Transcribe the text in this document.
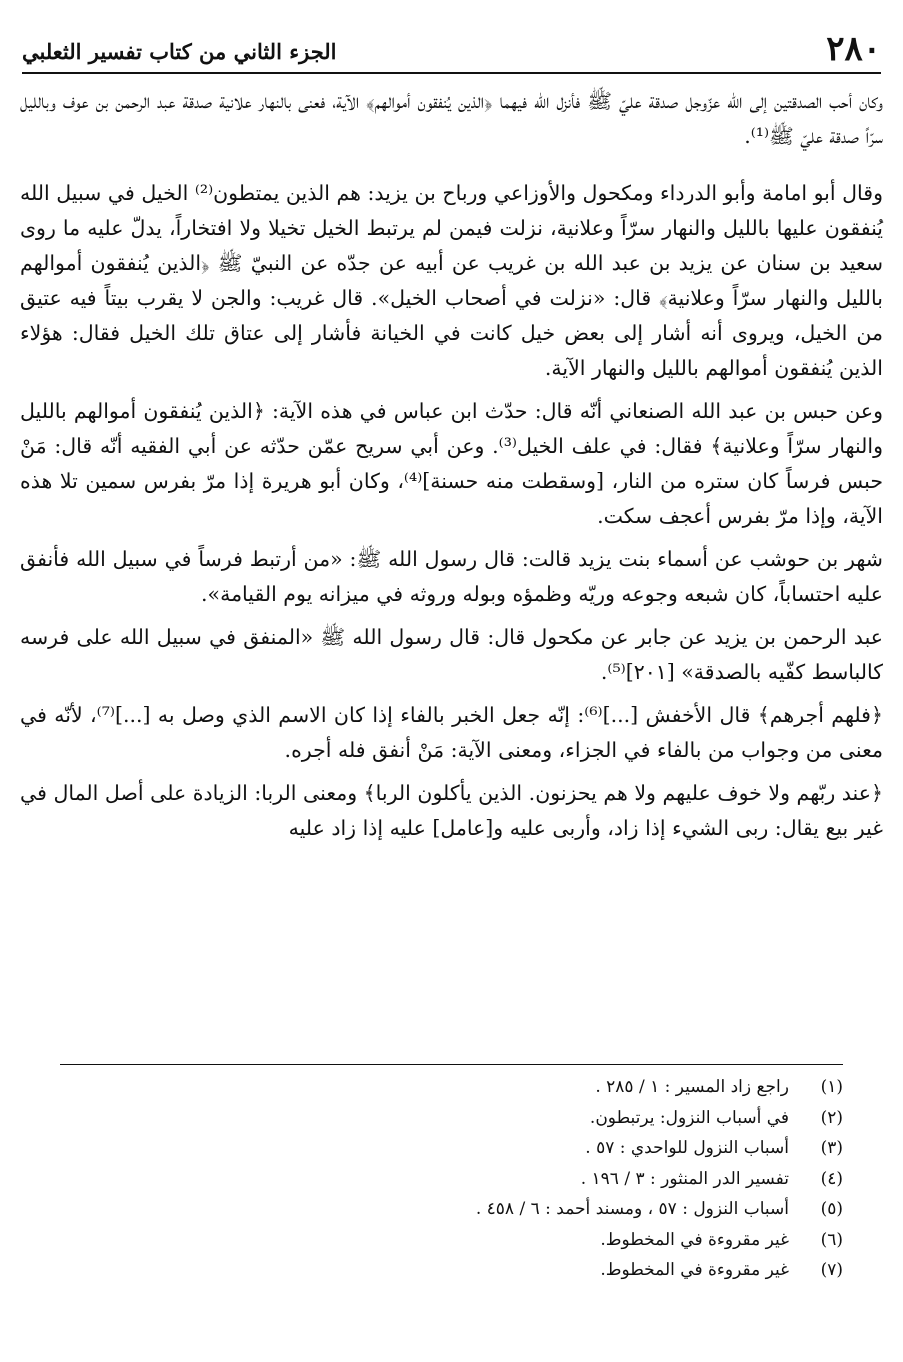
٢٨٠
الجزء الثاني من كتاب تفسير الثعلبي

وكان أحب الصدقتين إلى الله عزّوجل صدقة عليّ ﷺ فأنزل الله فيهما ﴿الذين يُنفقون أموالهم﴾ الآية، فعنى بالنهار علانية صدقة عبد الرحمن بن عوف وبالليل سرّاً صدقة عليّ ﷺ⁽¹⁾.

وقال أبو امامة وأبو الدرداء ومكحول والأوزاعي ورباح بن يزيد: هم الذين يمتطون⁽²⁾ الخيل في سبيل الله يُنفقون عليها بالليل والنهار سرّاً وعلانية، نزلت فيمن لم يرتبط الخيل تخيلا ولا افتخاراً، يدلّ عليه ما روى سعيد بن سنان عن يزيد بن عبد الله بن غريب عن أبيه عن جدّه عن النبيّ ﷺ ﴿الذين يُنفقون أموالهم بالليل والنهار سرّاً وعلانية﴾ قال: «نزلت في أصحاب الخيل». قال غريب: والجن لا يقرب بيتاً فيه عتيق من الخيل، ويروى أنه أشار إلى بعض خيل كانت في الخيانة فأشار إلى عتاق تلك الخيل فقال: هؤلاء الذين يُنفقون أموالهم بالليل والنهار الآية.

وعن حبس بن عبد الله الصنعاني أنّه قال: حدّث ابن عباس في هذه الآية: ﴿الذين يُنفقون أموالهم بالليل والنهار سرّاً وعلانية﴾ فقال: في علف الخيل⁽³⁾. وعن أبي سريح عمّن حدّثه عن أبي الفقيه أنّه قال: مَنْ حبس فرساً كان ستره من النار، [وسقطت منه حسنة]⁽⁴⁾، وكان أبو هريرة إذا مرّ بفرس سمين تلا هذه الآية، وإذا مرّ بفرس أعجف سكت.

شهر بن حوشب عن أسماء بنت يزيد قالت: قال رسول الله ﷺ: «من أرتبط فرساً في سبيل الله فأنفق عليه احتساباً، كان شبعه وجوعه وريّه وظمؤه وبوله وروثه في ميزانه يوم القيامة».

عبد الرحمن بن يزيد عن جابر عن مكحول قال: قال رسول الله ﷺ «المنفق في سبيل الله على فرسه كالباسط كفّيه بالصدقة» [٢٠١]⁽⁵⁾.

﴿فلهم أجرهم﴾ قال الأخفش [...]⁽⁶⁾: إنّه جعل الخبر بالفاء إذا كان الاسم الذي وصل به [...]⁽⁷⁾، لأنّه في معنى من وجواب من بالفاء في الجزاء، ومعنى الآية: مَنْ أنفق فله أجره.

﴿عند ربّهم ولا خوف عليهم ولا هم يحزنون. الذين يأكلون الربا﴾ ومعنى الربا: الزيادة على أصل المال في غير بيع يقال: ربى الشيء إذا زاد، وأربى عليه و[عامل] عليه إذا زاد عليه

(١)
راجع زاد المسير : ١ / ٢٨٥ .
(٢)
في أسباب النزول: يرتبطون.
(٣)
أسباب النزول للواحدي : ٥٧ .
(٤)
تفسير الدر المنثور : ٣ / ١٩٦ .
(٥)
أسباب النزول : ٥٧ ، ومسند أحمد : ٦ / ٤٥٨ .
(٦)
غير مقروءة في المخطوط.
(٧)
غير مقروءة في المخطوط.
